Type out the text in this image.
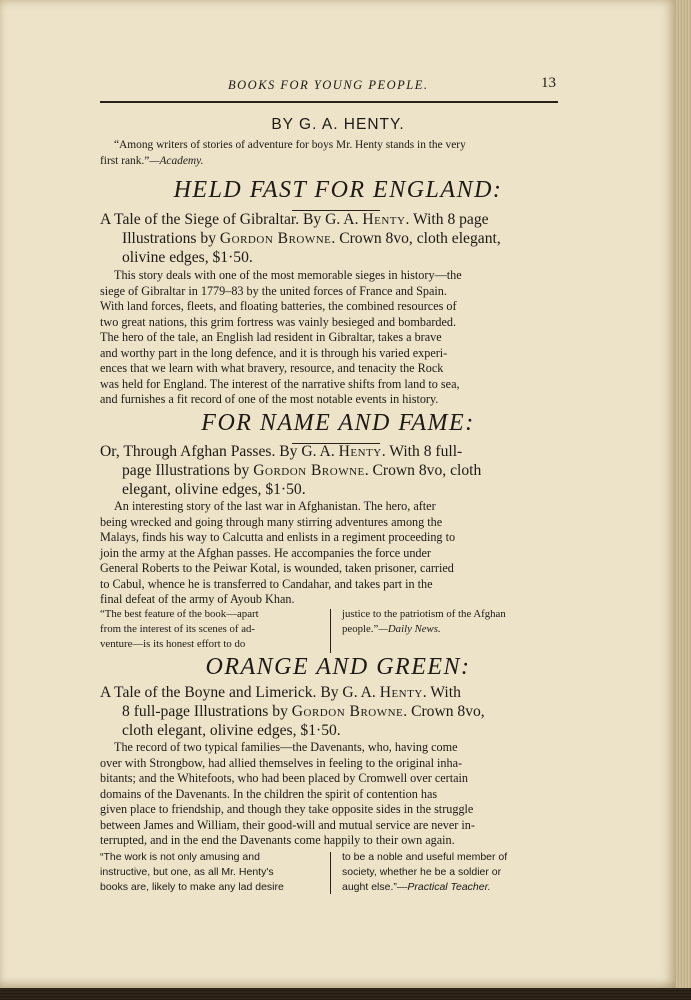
BOOKS FOR YOUNG PEOPLE.	13
BY G. A. HENTY.
“Among writers of stories of adventure for boys Mr. Henty stands in the very
first rank.”—Academy.
HELD FAST FOR ENGLAND:
A Tale of the Siege of Gibraltar. By G. A. Henty. With 8 page
Illustrations by Gordon Browne. Crown 8vo, cloth elegant,
olivine edges, $1·50.
This story deals with one of the most memorable sieges in history—the
siege of Gibraltar in 1779–83 by the united forces of France and Spain.
With land forces, fleets, and floating batteries, the combined resources of
two great nations, this grim fortress was vainly besieged and bombarded.
The hero of the tale, an English lad resident in Gibraltar, takes a brave
and worthy part in the long defence, and it is through his varied experi-
ences that we learn with what bravery, resource, and tenacity the Rock
was held for England. The interest of the narrative shifts from land to sea,
and furnishes a fit record of one of the most notable events in history.
FOR NAME AND FAME:
Or, Through Afghan Passes. By G. A. Henty. With 8 full-
page Illustrations by Gordon Browne. Crown 8vo, cloth
elegant, olivine edges, $1·50.
An interesting story of the last war in Afghanistan. The hero, after
being wrecked and going through many stirring adventures among the
Malays, finds his way to Calcutta and enlists in a regiment proceeding to
join the army at the Afghan passes. He accompanies the force under
General Roberts to the Peiwar Kotal, is wounded, taken prisoner, carried
to Cabul, whence he is transferred to Candahar, and takes part in the
final defeat of the army of Ayoub Khan.
“The best feature of the book—apart
from the interest of its scenes of ad-
venture—is its honest effort to do
justice to the patriotism of the Afghan
people.”—Daily News.
ORANGE AND GREEN:
A Tale of the Boyne and Limerick. By G. A. Henty. With
8 full-page Illustrations by Gordon Browne. Crown 8vo,
cloth elegant, olivine edges, $1·50.
The record of two typical families—the Davenants, who, having come
over with Strongbow, had allied themselves in feeling to the original inha-
bitants; and the Whitefoots, who had been placed by Cromwell over certain
domains of the Davenants. In the children the spirit of contention has
given place to friendship, and though they take opposite sides in the struggle
between James and William, their good-will and mutual service are never in-
terrupted, and in the end the Davenants come happily to their own again.
“The work is not only amusing and
instructive, but one, as all Mr. Henty's
books are, likely to make any lad desire
to be a noble and useful member of
society, whether he be a soldier or
aught else.”—Practical Teacher.
